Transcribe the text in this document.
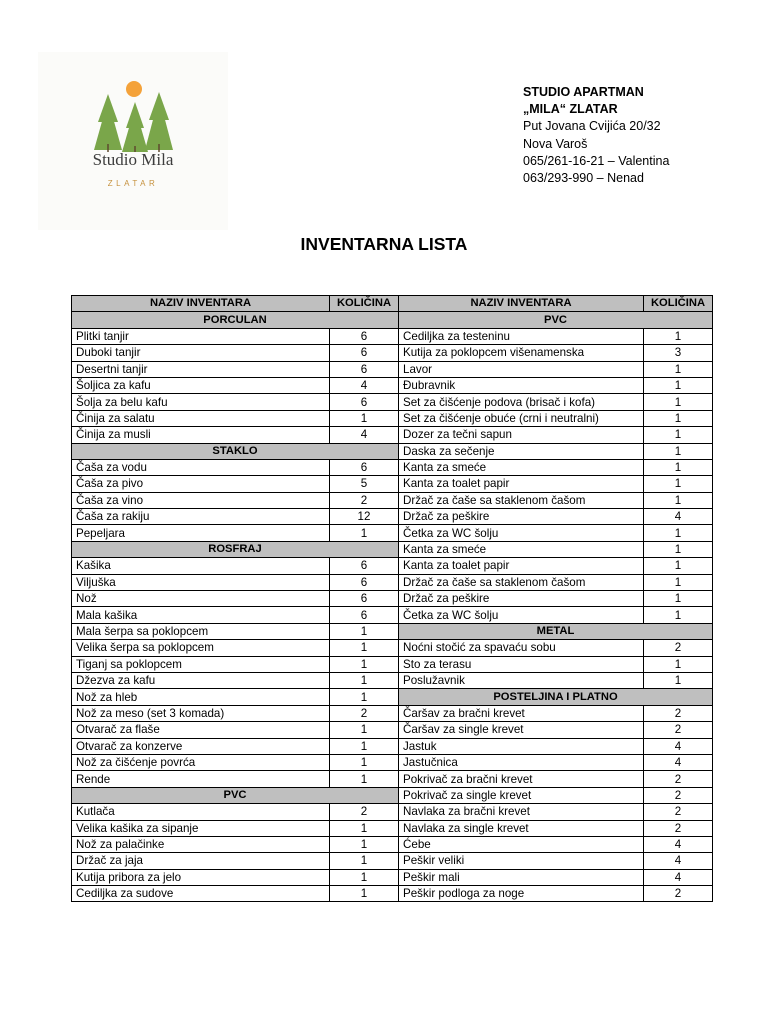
Studio Mila
ZLATAR
STUDIO APARTMAN
„MILA“ ZLATAR
Put Jovana Cvijića 20/32
Nova Varoš
065/261-16-21 – Valentina
063/293-990 – Nenad
INVENTARNA LISTA
NAZIV INVENTARA	KOLIČINA	NAZIV INVENTARA	KOLIČINA
PORCULAN		PVC	
Plitki tanjir	6	Cediljka za testeninu	1
Duboki tanjir	6	Kutija za poklopcem višenamenska	3
Desertni tanjir	6	Lavor	1
Šoljica za kafu	4	Đubravnik	1
Šolja za belu kafu	6	Set za čišćenje podova (brisač i kofa)	1
Činija za salatu	1	Set za čišćenje obuće (crni i neutralni)	1
Činija za musli	4	Dozer za tečni sapun	1
STAKLO		Daska za sečenje	1
Čaša za vodu	6	Kanta za smeće	1
Čaša za pivo	5	Kanta za toalet papir	1
Čaša za vino	2	Držač za čaše sa staklenom čašom	1
Čaša za rakiju	12	Držač za peškire	4
Pepeljara	1	Četka za WC šolju	1
ROSFRAJ		Kanta za smeće	1
Kašika	6	Kanta za toalet papir	1
Viljuška	6	Držač za čaše sa staklenom čašom	1
Nož	6	Držač za peškire	1
Mala kašika	6	Četka za WC šolju	1
Mala šerpa sa poklopcem	1	METAL	
Velika šerpa sa poklopcem	1	Noćni stočić za spavaću sobu	2
Tiganj sa poklopcem	1	Sto za terasu	1
Džezva za kafu	1	Poslužavnik	1
Nož za hleb	1	POSTELJINA I PLATNO	
Nož za meso (set 3 komada)	2	Čaršav za bračni krevet	2
Otvarač za flaše	1	Čaršav za single krevet	2
Otvarač za konzerve	1	Jastuk	4
Nož za čišćenje povrća	1	Jastučnica	4
Rende	1	Pokrivač za bračni krevet	2
PVC		Pokrivač za single krevet	2
Kutlača	2	Navlaka za bračni krevet	2
Velika kašika za sipanje	1	Navlaka za single krevet	2
Nož za palačinke	1	Ćebe	4
Držač za jaja	1	Peškir veliki	4
Kutija pribora za jelo	1	Peškir mali	4
Cediljka za sudove	1	Peškir podloga za noge	2
